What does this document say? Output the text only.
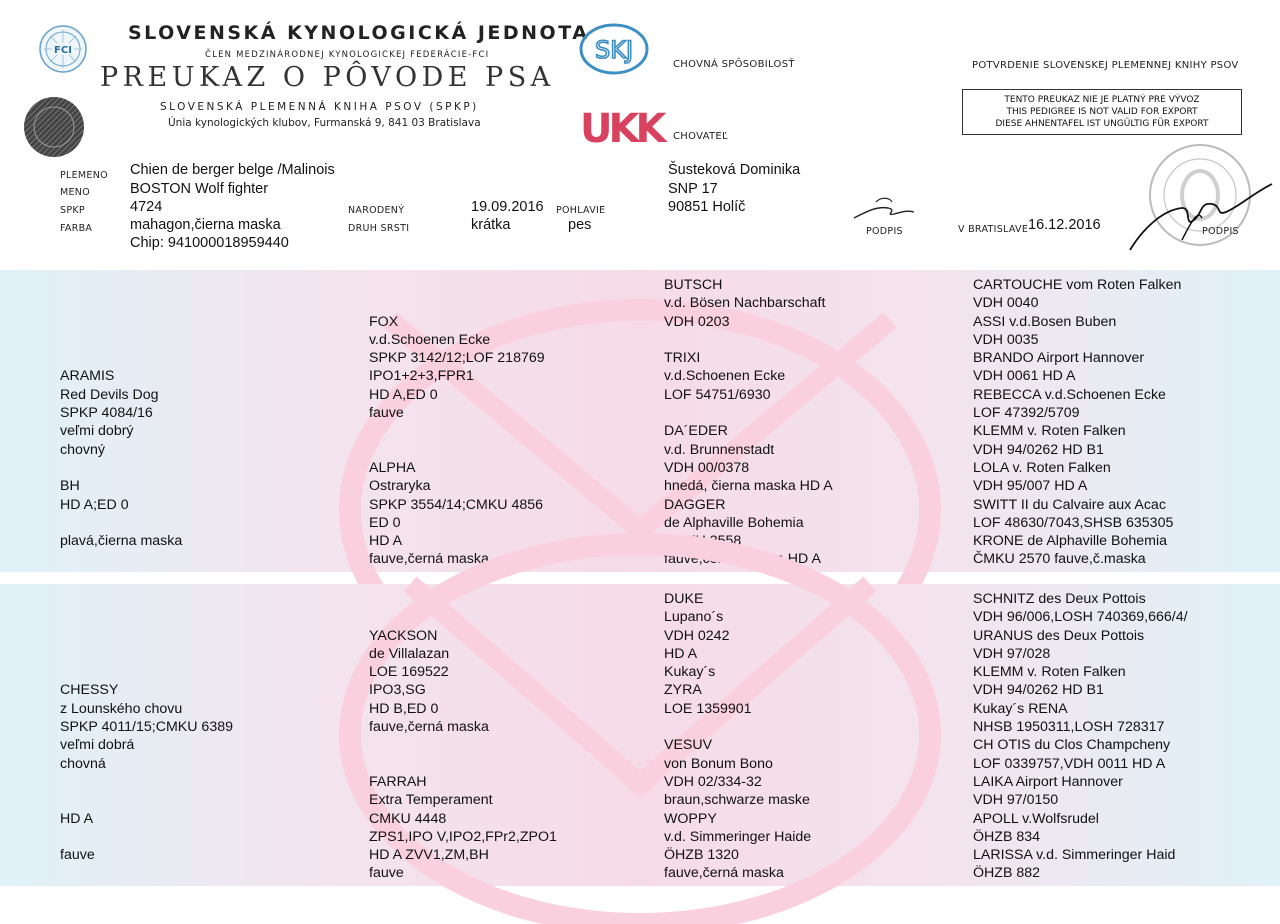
FCI
SLOVENSKÁ KYNOLOGICKÁ JEDNOTA
ČLEN MEDZINÁRODNEJ KYNOLOGICKEJ FEDERÁCIE-FCI
PREUKAZ O PÔVODE PSA
SLOVENSKÁ PLEMENNÁ KNIHA PSOV (SPKP)
Únia kynologických klubov, Furmanská 9, 841 03 Bratislava
SKJ
UKK
CHOVNÁ SPÔSOBILOSŤ
CHOVATEĽ
POTVRDENIE SLOVENSKEJ PLEMENNEJ KNIHY PSOV
TENTO PREUKAZ NIE JE PLATNÝ PRE VÝVOZ
THIS PEDIGREE IS NOT VALID FOR EXPORT
DIESE AHNENTAFEL IST UNGÜLTIG FÜR EXPORT
PLEMENO
MENO
SPKP
FARBA
Chien de berger belge /Malinois
BOSTON Wolf fighter
4724
mahagon,čierna maska
Chip: 941000018959440
NARODENÝ
DRUH SRSTI
19.09.2016
krátka
POHLAVIE
pes
Šusteková Dominika
SNP 17
90851 Holíč
PODPIS	V BRATISLAVE 16.12.2016	PODPIS
ARAMIS
Red Devils Dog
SPKP 4084/16
veľmi dobrý
chovný
BH
HD A;ED 0
plavá,čierna maska
FOX
v.d.Schoenen Ecke
SPKP 3142/12;LOF 218769
IPO1+2+3,FPR1
HD A,ED 0
fauve
ALPHA
Ostraryka
SPKP 3554/14;CMKU 4856
ED 0
HD A
fauve,černá maska
BUTSCH
v.d. Bösen Nachbarschaft
VDH 0203
TRIXI
v.d.Schoenen Ecke
LOF 54751/6930
DA´EDER
v.d. Brunnenstadt
VDH 00/0378
hnedá, čierna maska HD A
DAGGER
de Alphaville Bohemia
CMKU 3558
fauve,černá maska HD A
CARTOUCHE vom Roten Falken
VDH 0040
ASSI v.d.Bosen Buben
VDH 0035
BRANDO Airport Hannover
VDH 0061 HD A
REBECCA v.d.Schoenen Ecke
LOF 47392/5709
KLEMM v. Roten Falken
VDH 94/0262 HD B1
LOLA v. Roten Falken
VDH 95/007 HD A
SWITT II du Calvaire aux Acac
LOF 48630/7043,SHSB 635305
KRONE de Alphaville Bohemia
ČMKU 2570 fauve,č.maska
CHESSY
z Lounského chovu
SPKP 4011/15;CMKU 6389
veľmi dobrá
chovná
HD A
fauve
YACKSON
de Villalazan
LOE 169522
IPO3,SG
HD B,ED 0
fauve,černá maska
FARRAH
Extra Temperament
CMKU 4448
ZPS1,IPO V,IPO2,FPr2,ZPO1
HD A ZVV1,ZM,BH
fauve
DUKE
Lupano´s
VDH 0242
HD A
Kukay´s
ZYRA
LOE 1359901
VESUV
von Bonum Bono
VDH 02/334-32
braun,schwarze maske
WOPPY
v.d. Simmeringer Haide
ÖHZB 1320
fauve,černá maska
SCHNITZ des Deux Pottois
VDH 96/006,LOSH 740369,666/4/
URANUS des Deux Pottois
VDH 97/028
KLEMM v. Roten Falken
VDH 94/0262 HD B1
Kukay´s RENA
NHSB 1950311,LOSH 728317
CH OTIS du Clos Champcheny
LOF 0339757,VDH 0011 HD A
LAIKA Airport Hannover
VDH 97/0150
APOLL v.Wolfsrudel
ÖHZB 834
LARISSA v.d. Simmeringer Haid
ÖHZB 882
